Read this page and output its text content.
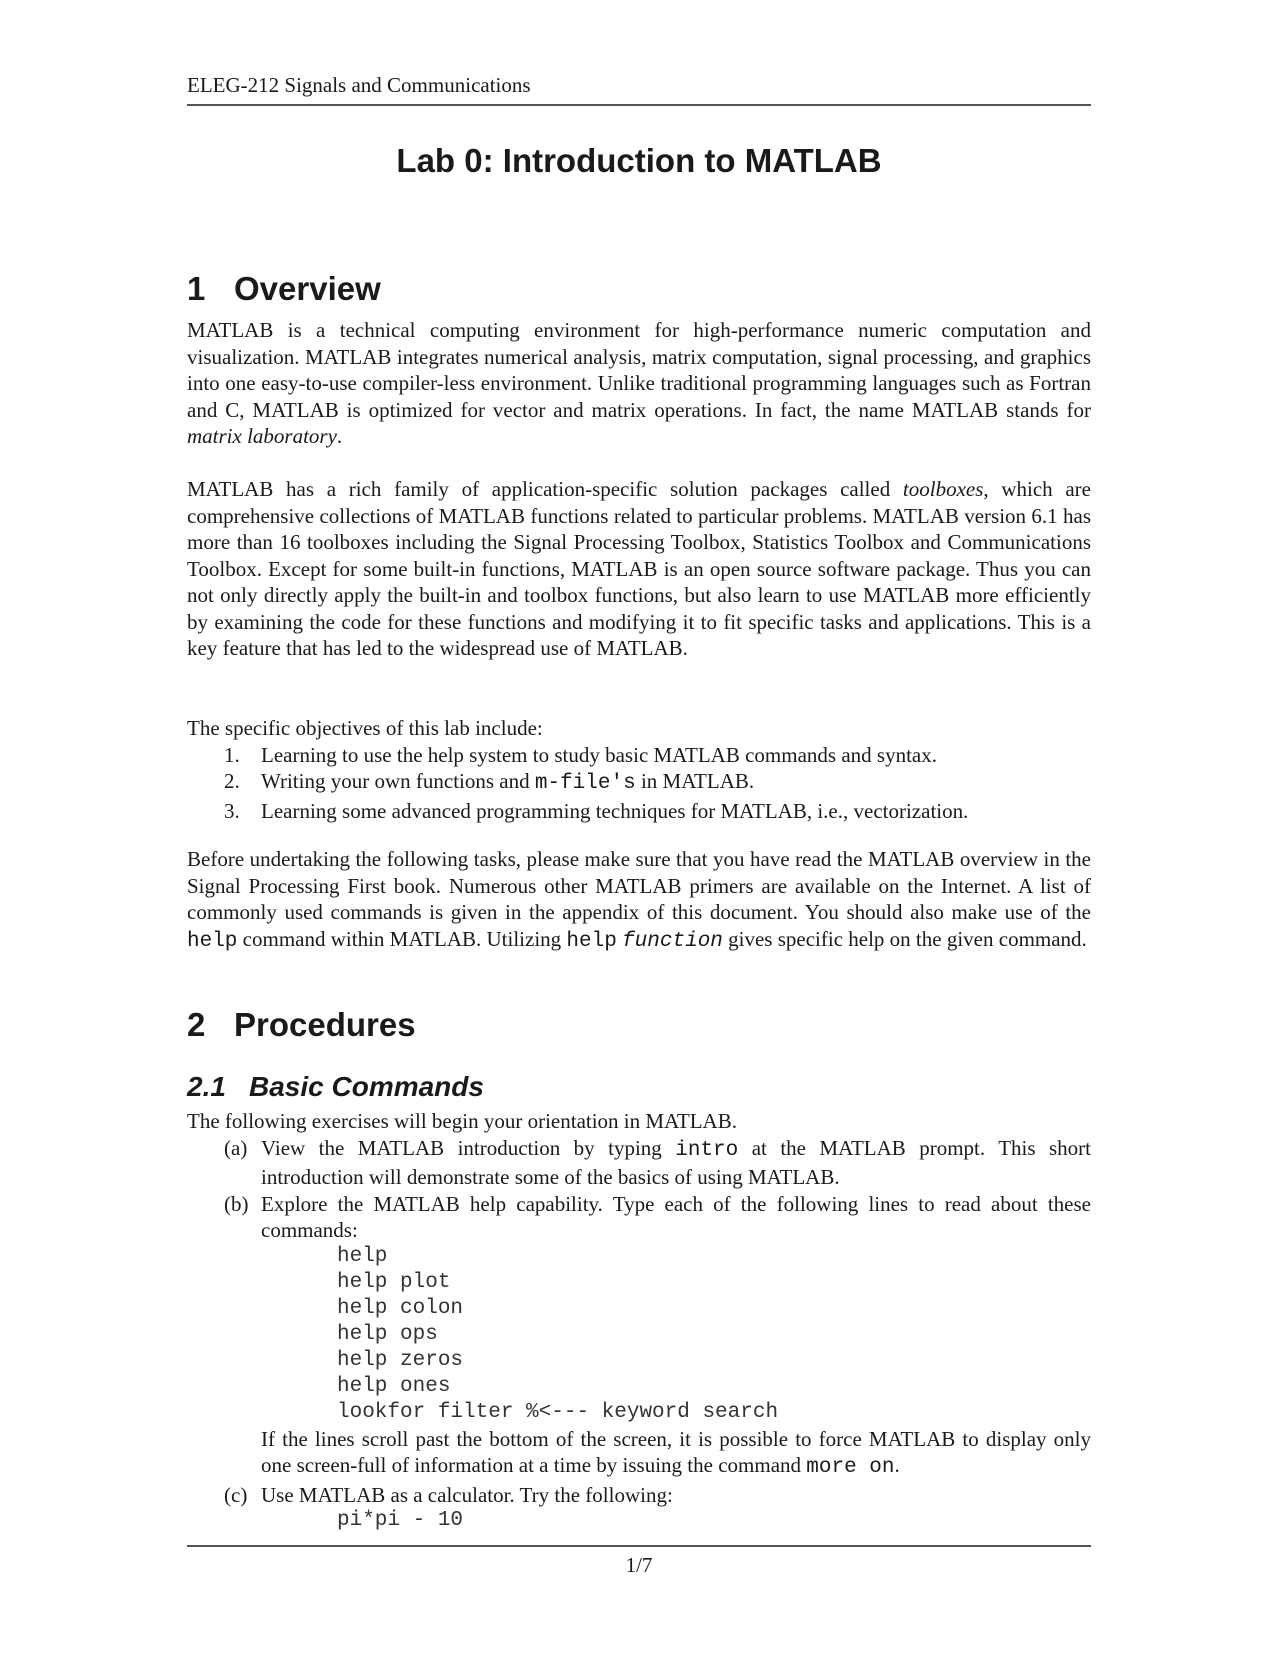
ELEG-212 Signals and Communications
Lab 0: Introduction to MATLAB
1 Overview

MATLAB is a technical computing environment for high-performance numeric computation and visualization. MATLAB integrates numerical analysis, matrix computation, signal processing, and graphics into one easy-to-use compiler-less environment. Unlike traditional programming languages such as Fortran and C, MATLAB is optimized for vector and matrix operations. In fact, the name MATLAB stands for matrix laboratory.

MATLAB has a rich family of application-specific solution packages called toolboxes, which are comprehensive collections of MATLAB functions related to particular problems. MATLAB version 6.1 has more than 16 toolboxes including the Signal Processing Toolbox, Statistics Toolbox and Communications Toolbox. Except for some built-in functions, MATLAB is an open source software package. Thus you can not only directly apply the built-in and toolbox functions, but also learn to use MATLAB more efficiently by examining the code for these functions and modifying it to fit specific tasks and applications. This is a key feature that has led to the widespread use of MATLAB.

The specific objectives of this lab include:

1. Learning to use the help system to study basic MATLAB commands and syntax.
2. Writing your own functions and m-file's in MATLAB.
3. Learning some advanced programming techniques for MATLAB, i.e., vectorization.

Before undertaking the following tasks, please make sure that you have read the MATLAB overview in the Signal Processing First book. Numerous other MATLAB primers are available on the Internet. A list of commonly used commands is given in the appendix of this document. You should also make use of the help command within MATLAB. Utilizing help function gives specific help on the given command.

2 Procedures
2.1 Basic Commands

The following exercises will begin your orientation in MATLAB.

(a) View the MATLAB introduction by typing intro at the MATLAB prompt. This short introduction will demonstrate some of the basics of using MATLAB.
(b) Explore the MATLAB help capability. Type each of the following lines to read about these commands:
help
help plot
help colon
help ops
help zeros
help ones
lookfor filter %<--- keyword search
If the lines scroll past the bottom of the screen, it is possible to force MATLAB to display only one screen-full of information at a time by issuing the command more on.
(c) Use MATLAB as a calculator. Try the following:
pi*pi - 10
1/7
